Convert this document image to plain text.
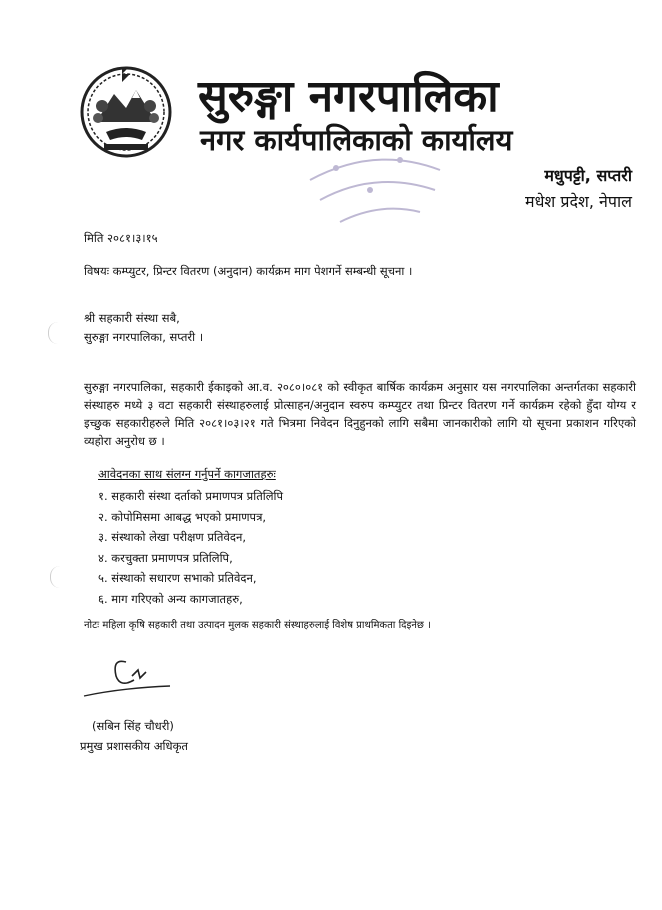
सुरुङ्गा नगरपालिका
नगर कार्यपालिकाको कार्यालय
मधुपट्टी, सप्तरी
मधेश प्रदेश, नेपाल
मिति २०८१।३।१५
विषयः कम्प्युटर, प्रिन्टर वितरण (अनुदान) कार्यक्रम माग पेशगर्ने सम्बन्धी सूचना ।
श्री सहकारी संस्था सबै,
सुरुङ्गा नगरपालिका, सप्तरी ।
सुरुङ्गा नगरपालिका, सहकारी ईकाइको आ.व. २०८०।०८१ को स्वीकृत बार्षिक कार्यक्रम अनुसार यस नगरपालिका अन्तर्गतका सहकारी संस्थाहरु मध्ये ३ वटा सहकारी संस्थाहरुलाई प्रोत्साहन/अनुदान स्वरुप कम्प्युटर तथा प्रिन्टर वितरण गर्ने कार्यक्रम रहेको हुँदा योग्य र इच्छुक सहकारीहरुले मिति २०८१।०३।२१ गते भित्रमा निवेदन दिनुहुनको लागि सबैमा जानकारीको लागि यो सूचना प्रकाशन गरिएको व्यहोरा अनुरोध छ ।
आवेदनका साथ संलग्न गर्नुपर्ने कागजातहरुः
१. सहकारी संस्था दर्ताको प्रमाणपत्र प्रतिलिपि
२. कोपोमिसमा आबद्ध भएको प्रमाणपत्र,
३. संस्थाको लेखा परीक्षण प्रतिवेदन,
४. करचुक्ता प्रमाणपत्र प्रतिलिपि,
५. संस्थाको सधारण सभाको प्रतिवेदन,
६. माग गरिएको अन्य कागजातहरु,
नोटः महिला कृषि सहकारी तथा उत्पादन मुलक सहकारी संस्थाहरुलाई विशेष प्राथमिकता दिइनेछ ।
(सबिन सिंह चौधरी)
प्रमुख प्रशासकीय अधिकृत
